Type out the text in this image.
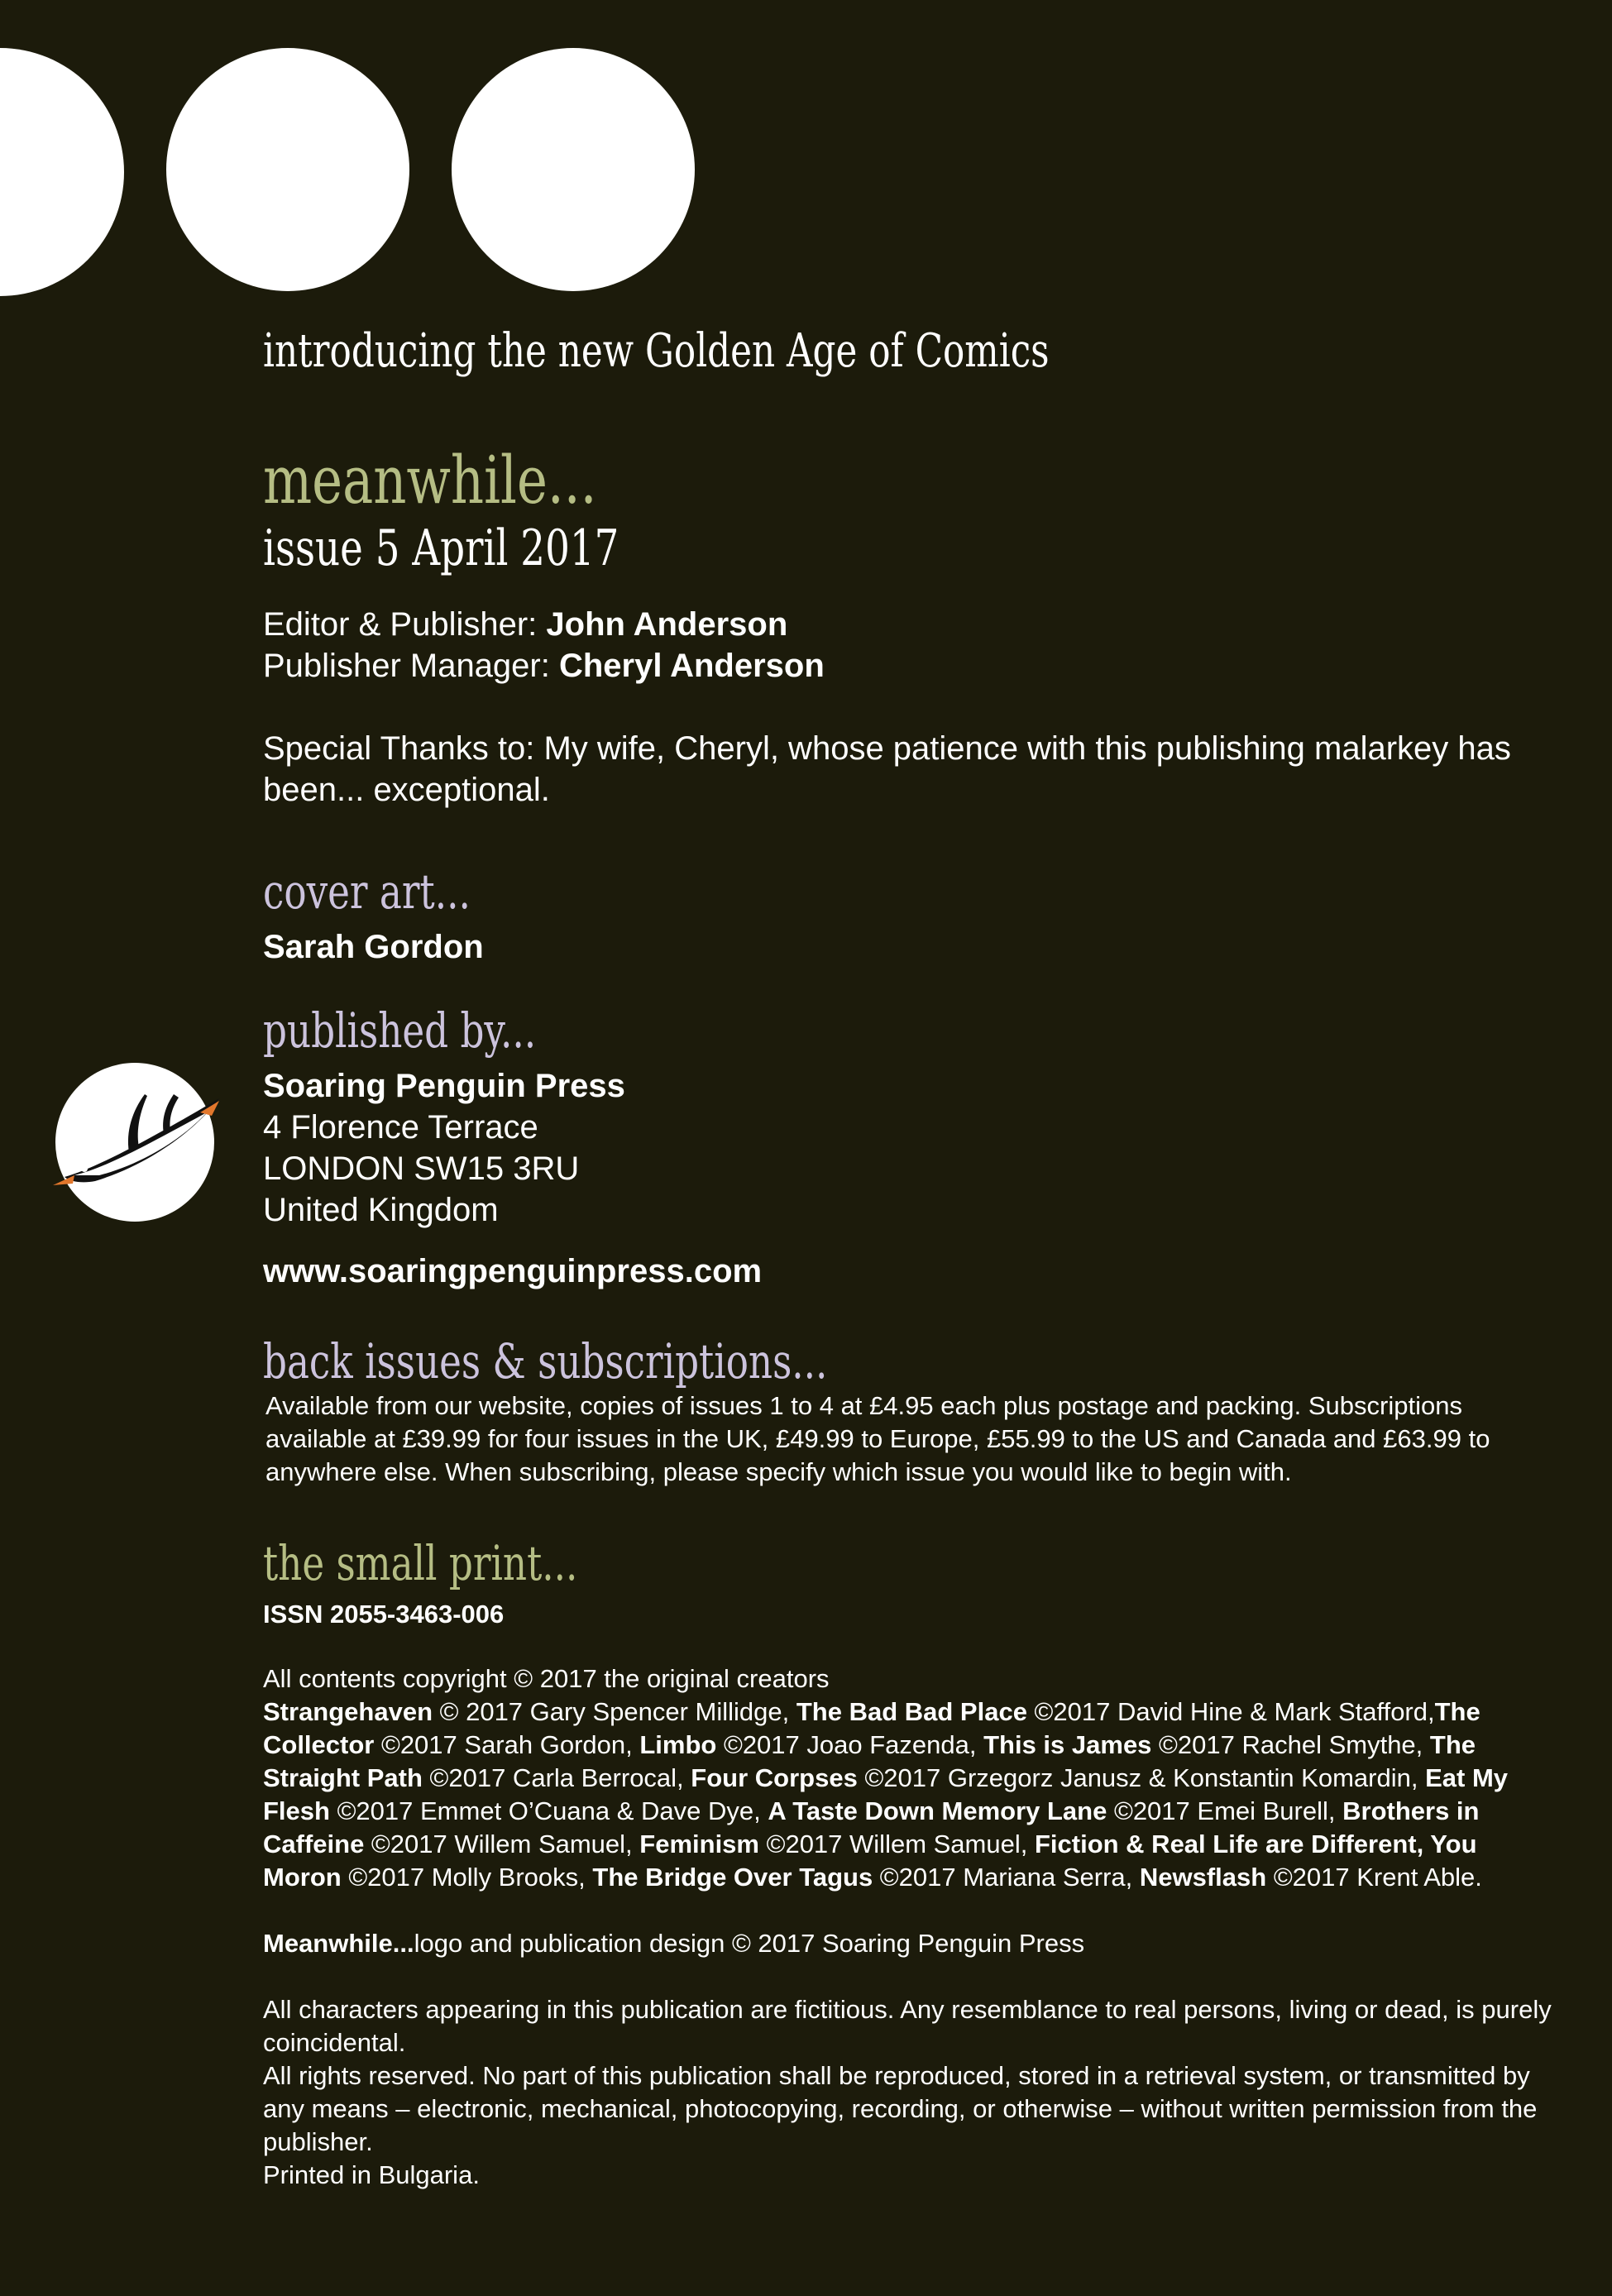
introducing the new Golden Age of Comics
meanwhile...
issue 5 April 2017
Editor & Publisher: John Anderson
Publisher Manager: Cheryl Anderson
Special Thanks to: My wife, Cheryl, whose patience with this publishing malarkey has been... exceptional.
cover art...
Sarah Gordon
published by...
Soaring Penguin Press
4 Florence Terrace
LONDON SW15 3RU
United Kingdom
www.soaringpenguinpress.com
back issues & subscriptions...
Available from our website, copies of issues 1 to 4 at £4.95 each plus postage and packing. Subscriptions available at £39.99 for four issues in the UK, £49.99 to Europe, £55.99 to the US and Canada and £63.99 to anywhere else. When subscribing, please specify which issue you would like to begin with.
the small print...
ISSN 2055-3463-006

All contents copyright © 2017 the original creators

Strangehaven © 2017 Gary Spencer Millidge, The Bad Bad Place ©2017 David Hine & Mark Stafford,The Collector ©2017 Sarah Gordon, Limbo ©2017 Joao Fazenda, This is James ©2017 Rachel Smythe, The Straight Path ©2017 Carla Berrocal, Four Corpses ©2017 Grzegorz Janusz & Konstantin Komardin, Eat My Flesh ©2017 Emmet O’Cuana & Dave Dye, A Taste Down Memory Lane ©2017 Emei Burell, Brothers in Caffeine ©2017 Willem Samuel, Feminism ©2017 Willem Samuel, Fiction & Real Life are Different, You Moron ©2017 Molly Brooks, The Bridge Over Tagus ©2017 Mariana Serra, Newsflash ©2017 Krent Able.

Meanwhile...logo and publication design © 2017 Soaring Penguin Press

All characters appearing in this publication are fictitious. Any resemblance to real persons, living or dead, is purely coincidental.

All rights reserved. No part of this publication shall be reproduced, stored in a retrieval system, or transmitted by any means – electronic, mechanical, photocopying, recording, or otherwise – without written permission from the publisher.

Printed in Bulgaria.
